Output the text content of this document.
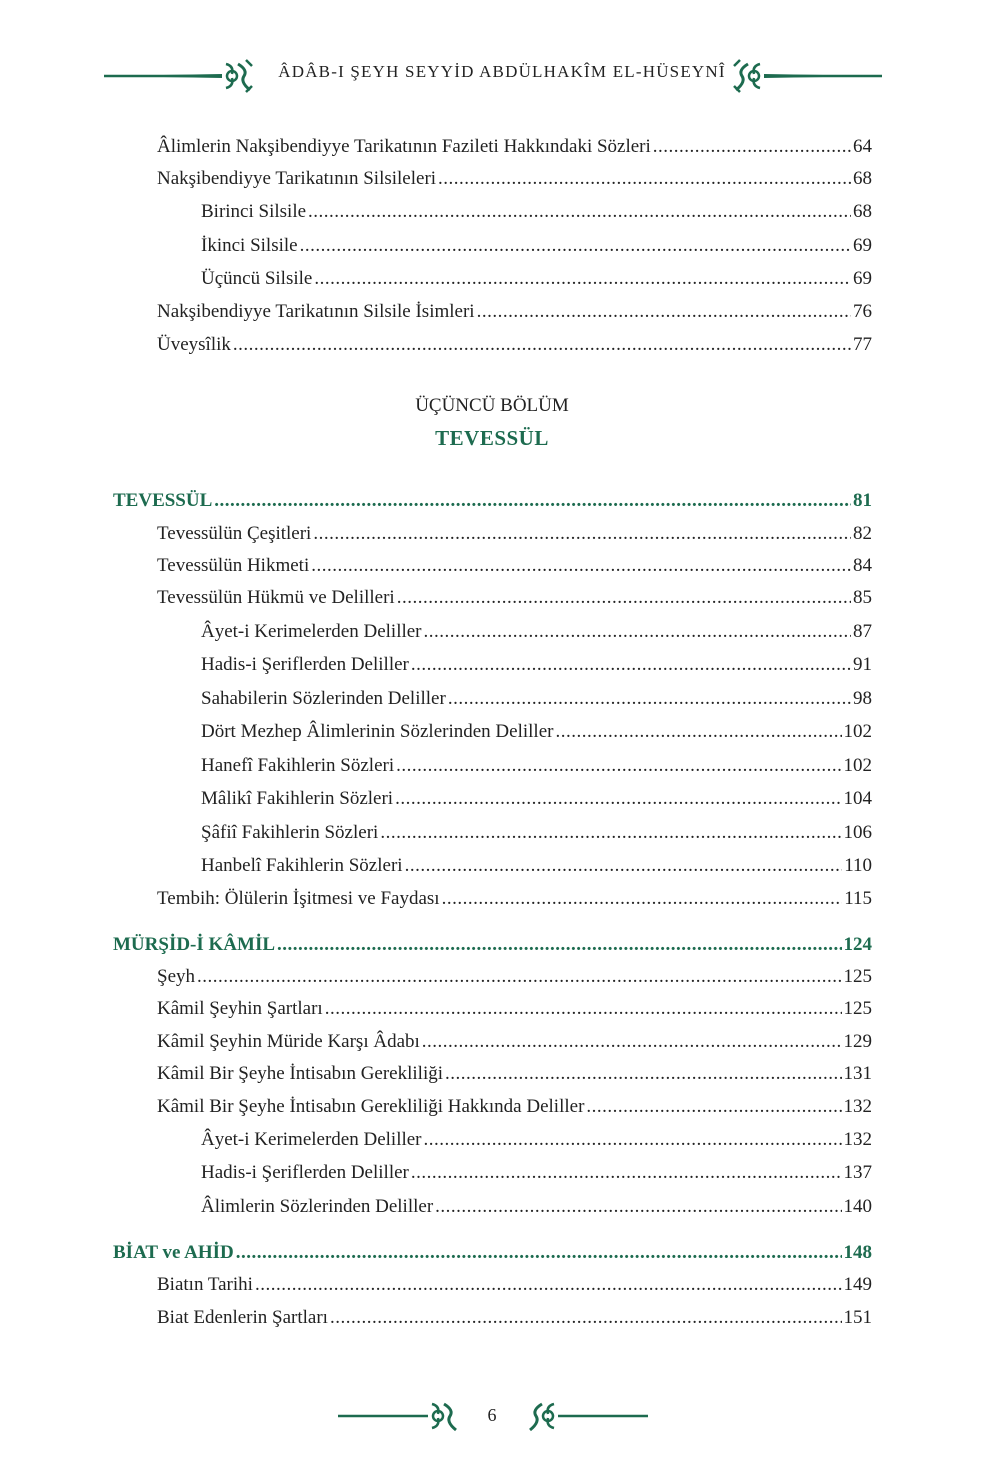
ÂDÂB-I ŞEYH SEYYİD ABDÜLHAKÎM EL-HÜSEYNÎ
ÜÇÜNCÜ BÖLÜM
TEVESSÜL
Âlimlerin Nakşibendiyye Tarikatının Fazileti Hakkındaki Sözleri .....	64
Nakşibendiyye Tarikatının Silsileleri .....	68
Birinci Silsile .....	68
İkinci Silsile .....	69
Üçüncü Silsile .....	69
Nakşibendiyye Tarikatının Silsile İsimleri .....	76
Üveysîlik .....	77
TEVESSÜL .....	81
Tevessülün Çeşitleri .....	82
Tevessülün Hikmeti .....	84
Tevessülün Hükmü ve Delilleri .....	85
Âyet-i Kerimelerden Deliller .....	87
Hadis-i Şeriflerden Deliller .....	91
Sahabilerin Sözlerinden Deliller .....	98
Dört Mezhep Âlimlerinin Sözlerinden Deliller .....	102
Hanefî Fakihlerin Sözleri .....	102
Mâlikî Fakihlerin Sözleri .....	104
Şâfiî Fakihlerin Sözleri .....	106
Hanbelî Fakihlerin Sözleri .....	110
Tembih: Ölülerin İşitmesi ve Faydası .....	115
MÜRŞİD-İ KÂMİL .....	124
Şeyh .....	125
Kâmil Şeyhin Şartları .....	125
Kâmil Şeyhin Müride Karşı Âdabı .....	129
Kâmil Bir Şeyhe İntisabın Gerekliliği .....	131
Kâmil Bir Şeyhe İntisabın Gerekliliği Hakkında Deliller .....	132
Âyet-i Kerimelerden Deliller .....	132
Hadis-i Şeriflerden Deliller .....	137
Âlimlerin Sözlerinden Deliller .....	140
BİAT ve AHİD .....	148
Biatın Tarihi .....	149
Biat Edenlerin Şartları .....	151
6
